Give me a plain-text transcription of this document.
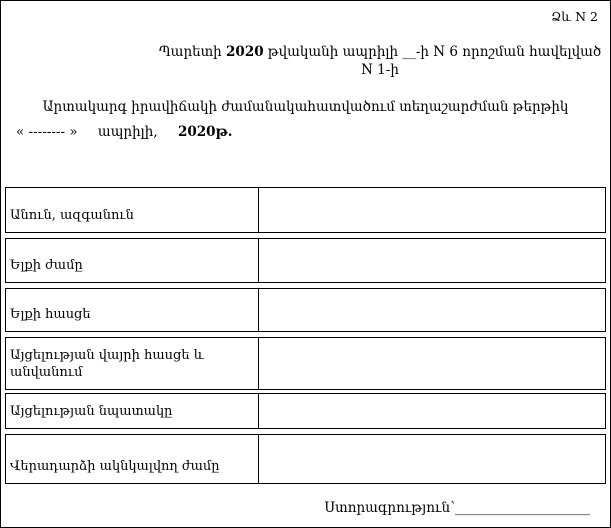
Ձև N 2
Պարետի 2020 թվականի ապրիլի __-ի N 6 որոշման հավելված N 1-ի
Արտակարգ իրավիճակի ժամանակահատվածում տեղաշարժման թերթիկ
« -------- » ապրիլի, 2020թ.
Անուն, ազգանուն
Ելքի ժամը
Ելքի հասցե
Այցելության վայրի հասցե և անվանում
Այցելության նպատակը
Վերադարձի ակնկալվող ժամը
Ստորագրություն՝____________________
